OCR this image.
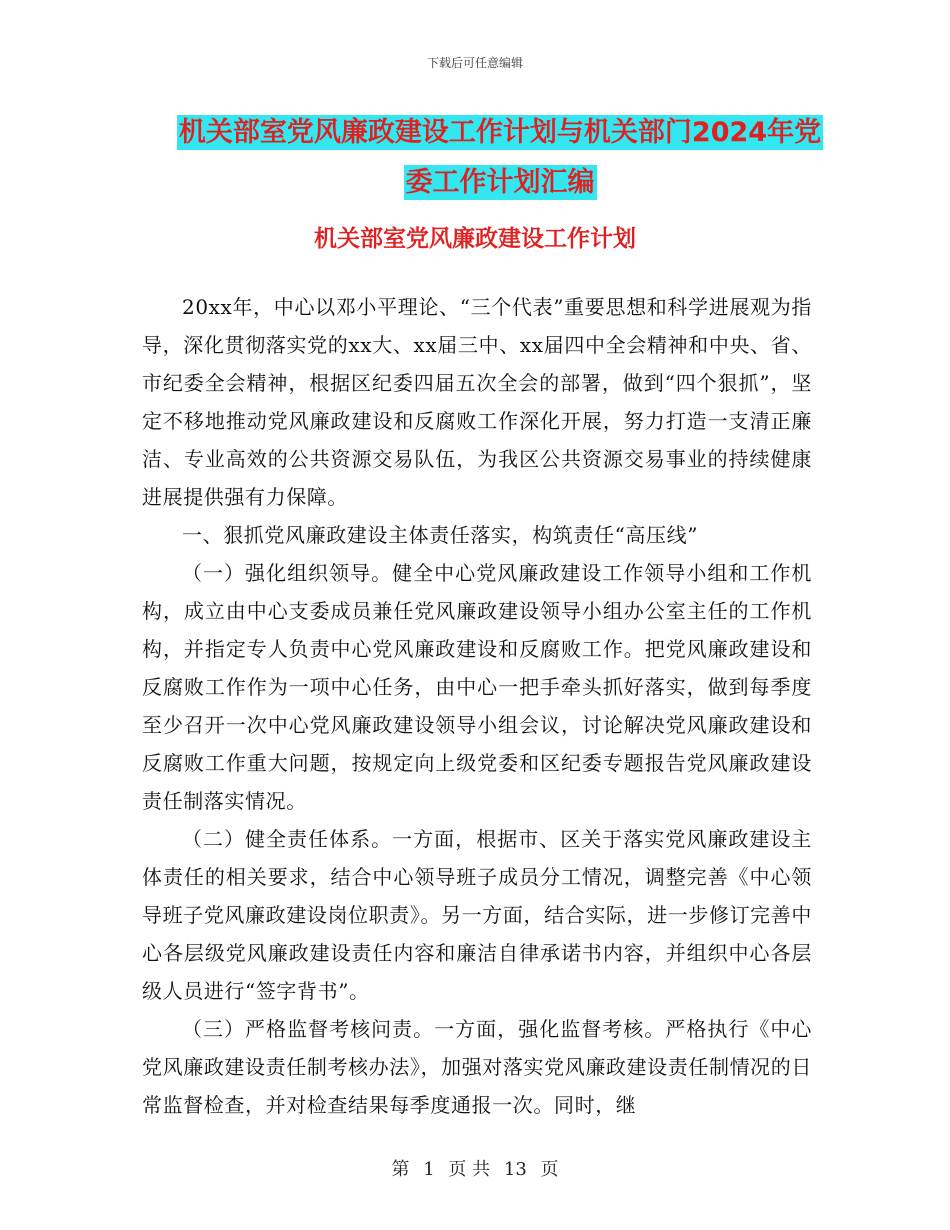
下载后可任意编辑
机关部室党风廉政建设工作计划与机关部门2024年党
委工作计划汇编
机关部室党风廉政建设工作计划

20xx年，中心以邓小平理论、“三个代表”重要思想和科学进展观为指导，深化贯彻落实党的xx大、xx届三中、xx届四中全会精神和中央、省、市纪委全会精神，根据区纪委四届五次全会的部署，做到“四个狠抓”，坚定不移地推动党风廉政建设和反腐败工作深化开展，努力打造一支清正廉洁、专业高效的公共资源交易队伍，为我区公共资源交易事业的持续健康进展提供强有力保障。

一、狠抓党风廉政建设主体责任落实，构筑责任“高压线”

（一）强化组织领导。健全中心党风廉政建设工作领导小组和工作机构，成立由中心支委成员兼任党风廉政建设领导小组办公室主任的工作机构，并指定专人负责中心党风廉政建设和反腐败工作。把党风廉政建设和反腐败工作作为一项中心任务，由中心一把手牵头抓好落实，做到每季度至少召开一次中心党风廉政建设领导小组会议，讨论解决党风廉政建设和反腐败工作重大问题，按规定向上级党委和区纪委专题报告党风廉政建设责任制落实情况。

（二）健全责任体系。一方面，根据市、区关于落实党风廉政建设主体责任的相关要求，结合中心领导班子成员分工情况，调整完善《中心领导班子党风廉政建设岗位职责》。另一方面，结合实际，进一步修订完善中心各层级党风廉政建设责任内容和廉洁自律承诺书内容，并组织中心各层级人员进行“签字背书”。

（三）严格监督考核问责。一方面，强化监督考核。严格执行《中心党风廉政建设责任制考核办法》，加强对落实党风廉政建设责任制情况的日常监督检查，并对检查结果每季度通报一次。同时，继

第 1 页 共 13 页
